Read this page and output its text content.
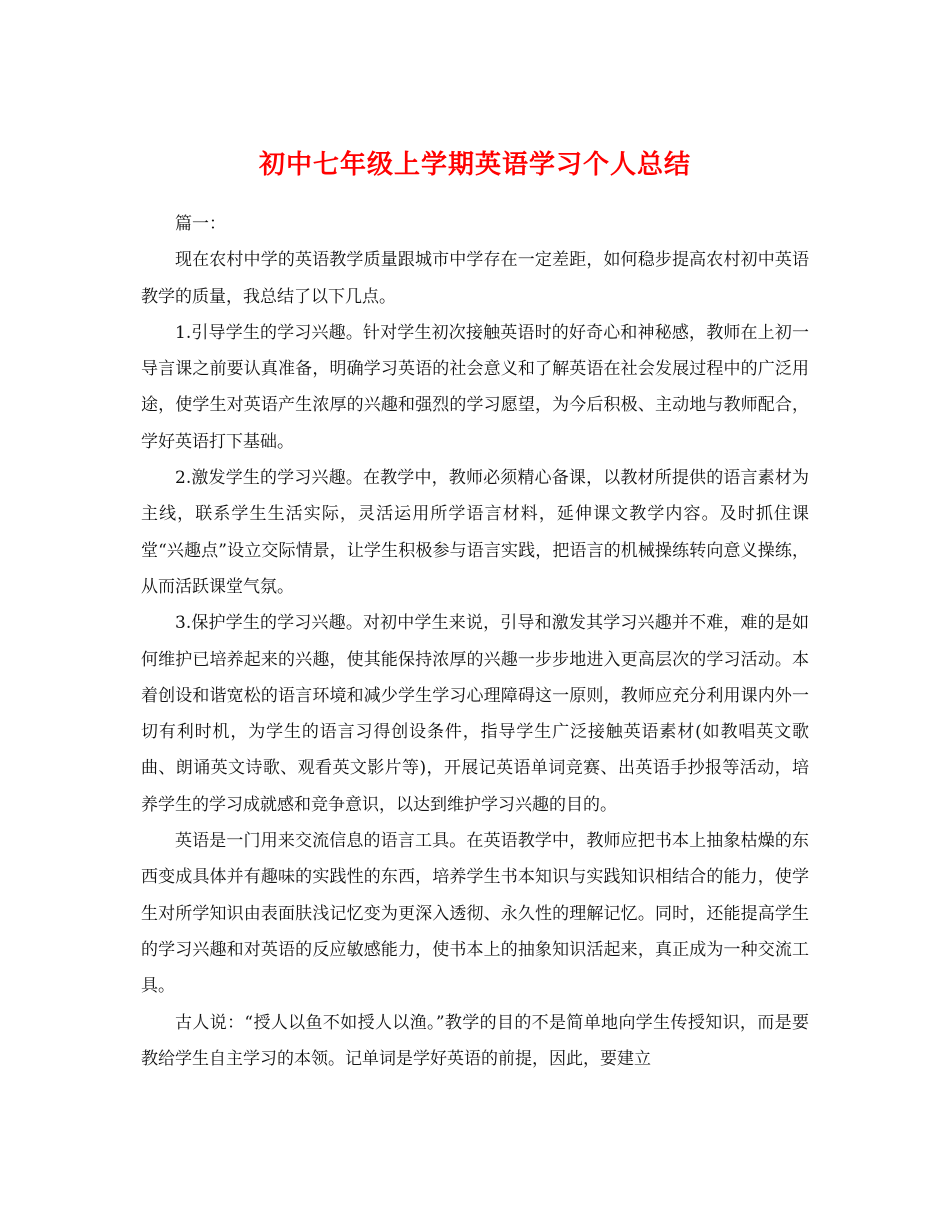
初中七年级上学期英语学习个人总结

篇一：

现在农村中学的英语教学质量跟城市中学存在一定差距，如何稳步提高农村初中英语教学的质量，我总结了以下几点。

1.引导学生的学习兴趣。针对学生初次接触英语时的好奇心和神秘感，教师在上初一导言课之前要认真准备，明确学习英语的社会意义和了解英语在社会发展过程中的广泛用途，使学生对英语产生浓厚的兴趣和强烈的学习愿望，为今后积极、主动地与教师配合，学好英语打下基础。

2.激发学生的学习兴趣。在教学中，教师必须精心备课，以教材所提供的语言素材为主线，联系学生生活实际，灵活运用所学语言材料，延伸课文教学内容。及时抓住课堂“兴趣点”设立交际情景，让学生积极参与语言实践，把语言的机械操练转向意义操练，从而活跃课堂气氛。

3.保护学生的学习兴趣。对初中学生来说，引导和激发其学习兴趣并不难，难的是如何维护已培养起来的兴趣，使其能保持浓厚的兴趣一步步地进入更高层次的学习活动。本着创设和谐宽松的语言环境和减少学生学习心理障碍这一原则，教师应充分利用课内外一切有利时机，为学生的语言习得创设条件，指导学生广泛接触英语素材(如教唱英文歌曲、朗诵英文诗歌、观看英文影片等)，开展记英语单词竞赛、出英语手抄报等活动，培养学生的学习成就感和竞争意识，以达到维护学习兴趣的目的。

英语是一门用来交流信息的语言工具。在英语教学中，教师应把书本上抽象枯燥的东西变成具体并有趣味的实践性的东西，培养学生书本知识与实践知识相结合的能力，使学生对所学知识由表面肤浅记忆变为更深入透彻、永久性的理解记忆。同时，还能提高学生的学习兴趣和对英语的反应敏感能力，使书本上的抽象知识活起来，真正成为一种交流工具。

古人说：“授人以鱼不如授人以渔。”教学的目的不是简单地向学生传授知识，而是要教给学生自主学习的本领。记单词是学好英语的前提，因此，要建立
